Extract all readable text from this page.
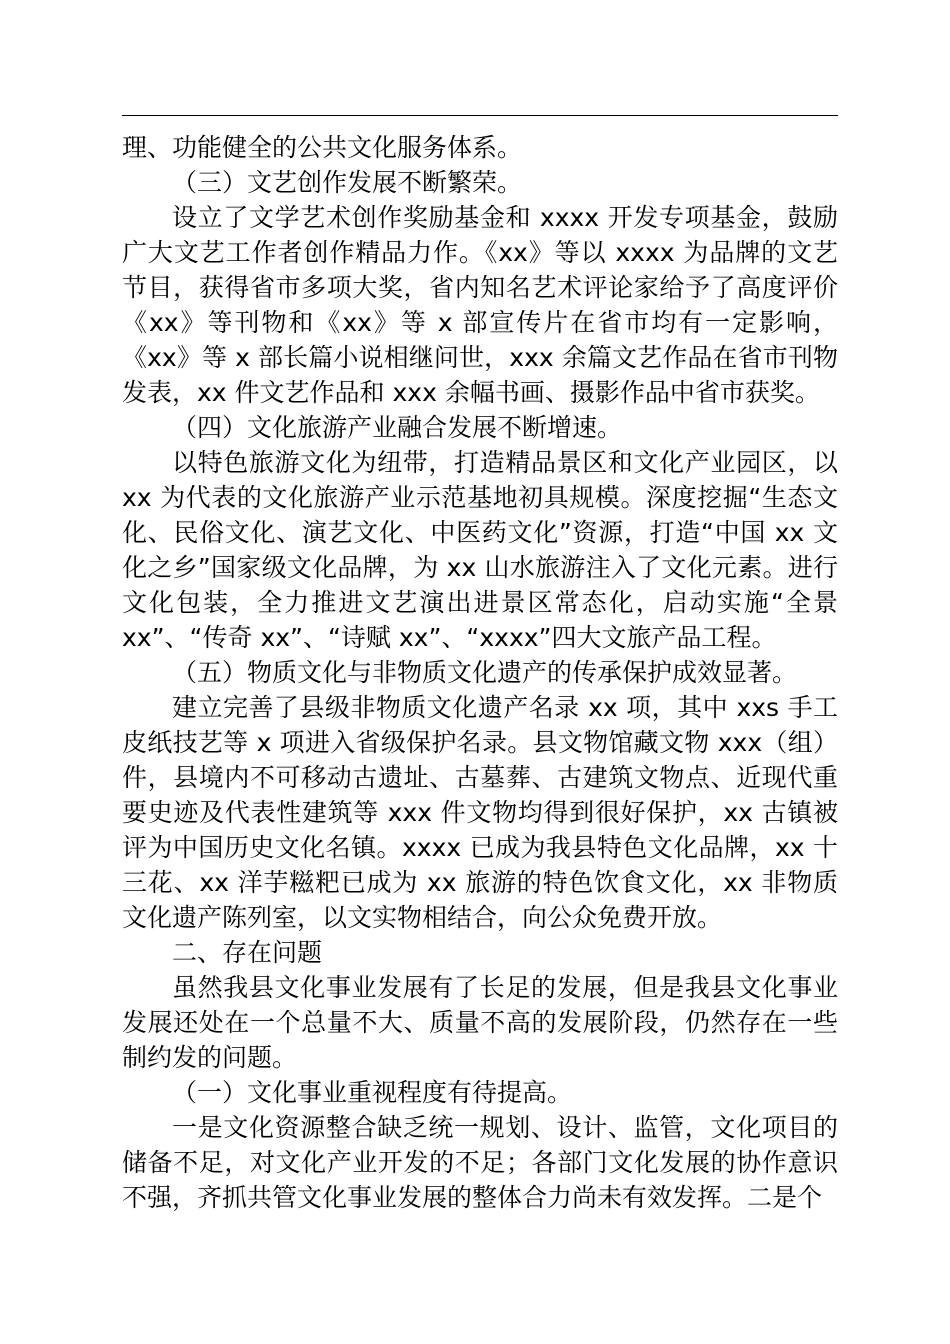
理、功能健全的公共文化服务体系。

（三）文艺创作发展不断繁荣。

设立了文学艺术创作奖励基金和 xxxx 开发专项基金，鼓励广大文艺工作者创作精品力作。《xx》等以 xxxx 为品牌的文艺节目，获得省市多项大奖，省内知名艺术评论家给予了高度评价《xx》等刊物和《xx》等 x 部宣传片在省市均有一定影响，《xx》等 x 部长篇小说相继问世，xxx 余篇文艺作品在省市刊物发表，xx 件文艺作品和 xxx 余幅书画、摄影作品中省市获奖。

（四）文化旅游产业融合发展不断增速。

以特色旅游文化为纽带，打造精品景区和文化产业园区，以 xx 为代表的文化旅游产业示范基地初具规模。深度挖掘“生态文化、民俗文化、演艺文化、中医药文化”资源，打造“中国 xx 文化之乡”国家级文化品牌，为 xx 山水旅游注入了文化元素。进行文化包装，全力推进文艺演出进景区常态化，启动实施“全景 xx”、“传奇 xx”、“诗赋 xx”、“xxxx”四大文旅产品工程。

（五）物质文化与非物质文化遗产的传承保护成效显著。

建立完善了县级非物质文化遗产名录 xx 项，其中 xxs 手工皮纸技艺等 x 项进入省级保护名录。县文物馆藏文物 xxx（组）件，县境内不可移动古遗址、古墓葬、古建筑文物点、近现代重要史迹及代表性建筑等 xxx 件文物均得到很好保护，xx 古镇被评为中国历史文化名镇。xxxx 已成为我县特色文化品牌，xx 十三花、xx 洋芋糍粑已成为 xx 旅游的特色饮食文化，xx 非物质文化遗产陈列室，以文实物相结合，向公众免费开放。

二、存在问题

虽然我县文化事业发展有了长足的发展，但是我县文化事业发展还处在一个总量不大、质量不高的发展阶段，仍然存在一些制约发的问题。

（一）文化事业重视程度有待提高。

一是文化资源整合缺乏统一规划、设计、监管，文化项目的储备不足，对文化产业开发的不足；各部门文化发展的协作意识不强，齐抓共管文化事业发展的整体合力尚未有效发挥。二是个
